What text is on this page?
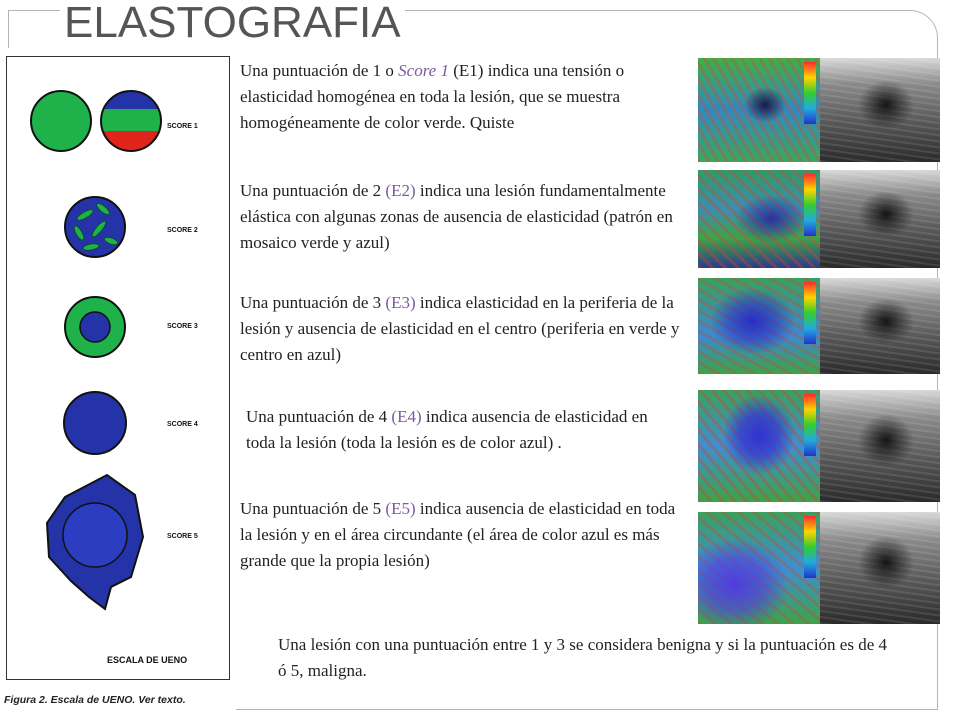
ELASTOGRAFIA
SCORE 1
SCORE 2
SCORE 3
SCORE 4
SCORE 5
ESCALA DE UENO
Figura 2. Escala de UENO. Ver texto.
Una puntuación de 1 o Score 1 (E1) indica una tensión o elasticidad homogénea en toda la lesión, que se muestra homogéneamente de color verde. Quiste
Una puntuación de 2 (E2) indica una lesión fundamentalmente elástica con algunas zonas de ausencia de elasticidad (patrón en mosaico verde y azul)
Una puntuación de 3 (E3) indica elasticidad en la periferia de la lesión y ausencia de elasticidad en el centro (periferia en verde y centro en azul)
Una puntuación de 4 (E4) indica ausencia de elasticidad en toda la lesión (toda la lesión es de color azul) .
Una puntuación de 5 (E5) indica ausencia de elasticidad en toda la lesión y en el área circundante (el área de color azul es más grande que la propia lesión)
Una lesión con una puntuación entre 1 y 3 se considera benigna y si la puntuación es de 4 ó 5, maligna.
